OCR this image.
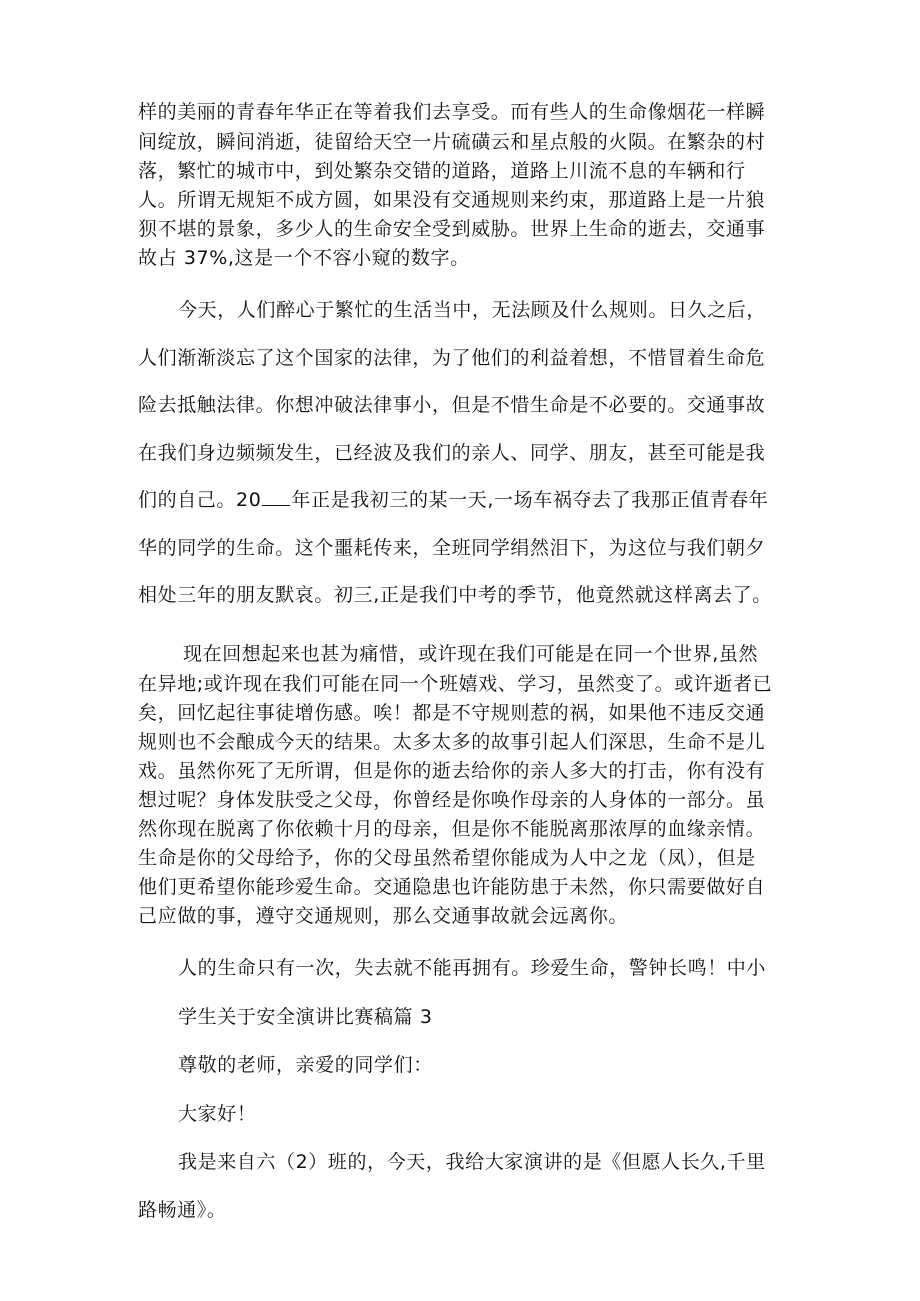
样的美丽的青春年华正在等着我们去享受。而有些人的生命像烟花一样瞬
间绽放，瞬间消逝，徒留给天空一片硫磺云和星点般的火陨。在繁杂的村
落，繁忙的城市中，到处繁杂交错的道路，道路上川流不息的车辆和行
人。所谓无规矩不成方圆，如果没有交通规则来约束，那道路上是一片狼
狈不堪的景象，多少人的生命安全受到威胁。世界上生命的逝去，交通事
故占 37%,这是一个不容小窥的数字。
今天，人们醉心于繁忙的生活当中，无法顾及什么规则。日久之后，
人们渐渐淡忘了这个国家的法律，为了他们的利益着想，不惜冒着生命危
险去抵触法律。你想冲破法律事小，但是不惜生命是不必要的。交通事故
在我们身边频频发生，已经波及我们的亲人、同学、朋友，甚至可能是我
们的自己。20 年正是我初三的某一天,一场车祸夺去了我那正值青春年
华的同学的生命。这个噩耗传来，全班同学绢然泪下，为这位与我们朝夕
相处三年的朋友默哀。初三,正是我们中考的季节，他竟然就这样离去了。
现在回想起来也甚为痛惜，或许现在我们可能是在同一个世界,虽然
在异地;或许现在我们可能在同一个班嬉戏、学习，虽然变了。或许逝者已
矣，回忆起往事徒增伤感。唉！都是不守规则惹的祸，如果他不违反交通
规则也不会酿成今天的结果。太多太多的故事引起人们深思，生命不是儿
戏。虽然你死了无所谓，但是你的逝去给你的亲人多大的打击，你有没有
想过呢？身体发肤受之父母，你曾经是你唤作母亲的人身体的一部分。虽
然你现在脱离了你依赖十月的母亲，但是你不能脱离那浓厚的血缘亲情。
生命是你的父母给予，你的父母虽然希望你能成为人中之龙（凤），但是
他们更希望你能珍爱生命。交通隐患也许能防患于未然，你只需要做好自
己应做的事，遵守交通规则，那么交通事故就会远离你。
人的生命只有一次，失去就不能再拥有。珍爱生命，警钟长鸣！中小
学生关于安全演讲比赛稿篇 3
尊敬的老师，亲爱的同学们：
大家好！
我是来自六（2）班的，今天，我给大家演讲的是《但愿人长久,千里
路畅通》。
